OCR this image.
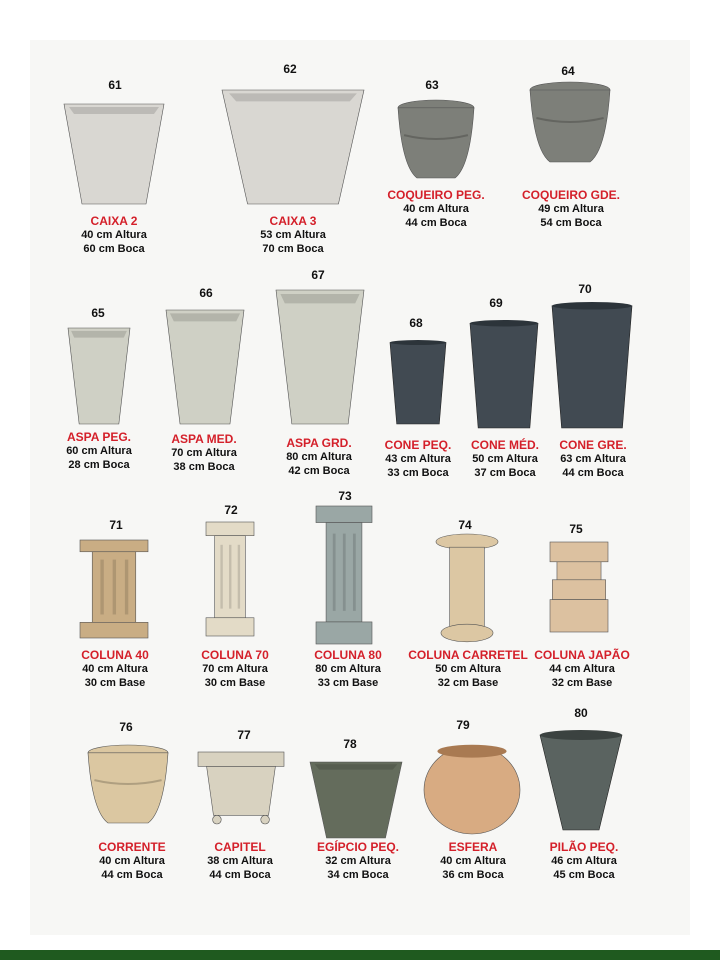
61
CAIXA 2
40 cm Altura
60 cm Boca
62
CAIXA 3
53 cm Altura
70 cm Boca
63
COQUEIRO PEG.
40 cm Altura
44 cm Boca
64
COQUEIRO GDE.
49 cm Altura
54 cm Boca
65
ASPA PEG.
60 cm Altura
28 cm Boca
66
ASPA MED.
70 cm Altura
38 cm Boca
67
ASPA GRD.
80 cm Altura
42 cm Boca
68
CONE PEQ.
43 cm Altura
33 cm Boca
69
CONE MÉD.
50 cm Altura
37 cm Boca
70
CONE GRE.
63 cm Altura
44 cm Boca
71
COLUNA 40
40 cm Altura
30 cm Base
72
COLUNA 70
70 cm Altura
30 cm Base
73
COLUNA 80
80 cm Altura
33 cm Base
74
COLUNA CARRETEL
50 cm Altura
32 cm Base
75
COLUNA JAPÃO
44 cm Altura
32 cm Base
76
CORRENTE
40 cm Altura
44 cm Boca
77
CAPITEL
38 cm Altura
44 cm Boca
78
EGÍPCIO PEQ.
32 cm Altura
34 cm Boca
79
ESFERA
40 cm Altura
36 cm Boca
80
PILÃO PEQ.
46 cm Altura
45 cm Boca
